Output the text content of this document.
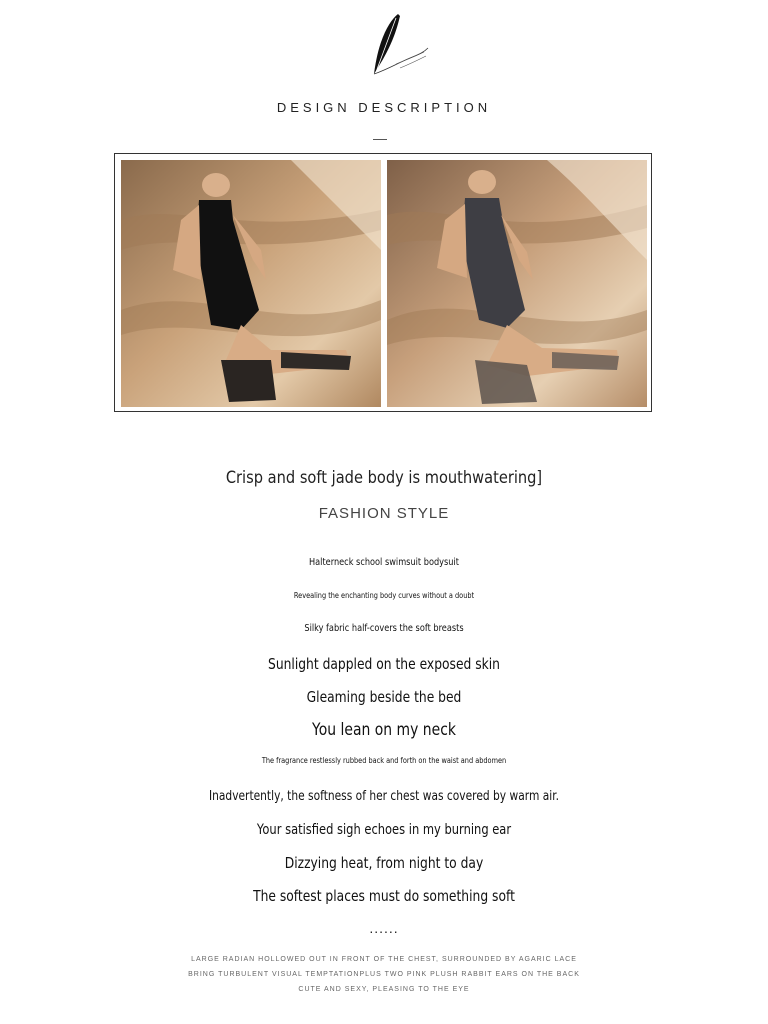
DESIGN DESCRIPTION
Crisp and soft jade body is mouthwatering]
FASHION STYLE
Halterneck school swimsuit bodysuit
Revealing the enchanting body curves without a doubt
Silky fabric half-covers the soft breasts
Sunlight dappled on the exposed skin
Gleaming beside the bed
You lean on my neck
The fragrance restlessly rubbed back and forth on the waist and abdomen
Inadvertently, the softness of her chest was covered by warm air.
Your satisfied sigh echoes in my burning ear
Dizzying heat, from night to day
The softest places must do something soft
......
LARGE RADIAN HOLLOWED OUT IN FRONT OF THE CHEST, SURROUNDED BY AGARIC LACE
BRING TURBULENT VISUAL TEMPTATIONPLUS TWO PINK PLUSH RABBIT EARS ON THE BACK
CUTE AND SEXY, PLEASING TO THE EYE
